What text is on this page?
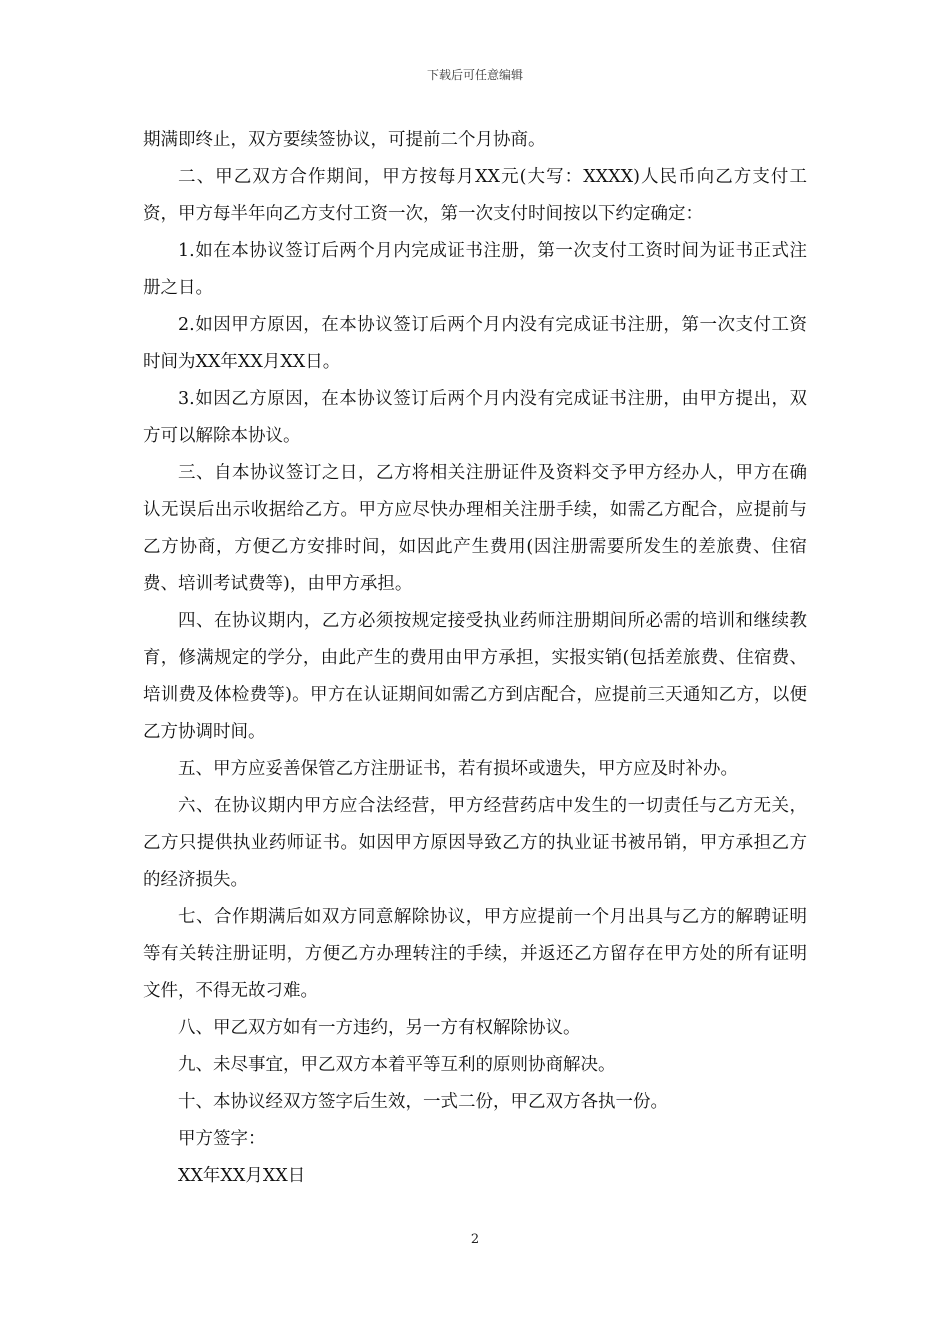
下载后可任意编辑

期满即终止，双方要续签协议，可提前二个月协商。

二、甲乙双方合作期间，甲方按每月XX元(大写：XXXX)人民币向乙方支付工资，甲方每半年向乙方支付工资一次，第一次支付时间按以下约定确定：

1.如在本协议签订后两个月内完成证书注册，第一次支付工资时间为证书正式注册之日。

2.如因甲方原因，在本协议签订后两个月内没有完成证书注册，第一次支付工资时间为XX年XX月XX日。

3.如因乙方原因，在本协议签订后两个月内没有完成证书注册，由甲方提出，双方可以解除本协议。

三、自本协议签订之日，乙方将相关注册证件及资料交予甲方经办人，甲方在确认无误后出示收据给乙方。甲方应尽快办理相关注册手续，如需乙方配合，应提前与乙方协商，方便乙方安排时间，如因此产生费用(因注册需要所发生的差旅费、住宿费、培训考试费等)，由甲方承担。

四、在协议期内，乙方必须按规定接受执业药师注册期间所必需的培训和继续教育，修满规定的学分，由此产生的费用由甲方承担，实报实销(包括差旅费、住宿费、培训费及体检费等)。甲方在认证期间如需乙方到店配合，应提前三天通知乙方，以便乙方协调时间。

五、甲方应妥善保管乙方注册证书，若有损坏或遗失，甲方应及时补办。

六、在协议期内甲方应合法经营，甲方经营药店中发生的一切责任与乙方无关，乙方只提供执业药师证书。如因甲方原因导致乙方的执业证书被吊销，甲方承担乙方的经济损失。

七、合作期满后如双方同意解除协议，甲方应提前一个月出具与乙方的解聘证明等有关转注册证明，方便乙方办理转注的手续，并返还乙方留存在甲方处的所有证明文件，不得无故刁难。

八、甲乙双方如有一方违约，另一方有权解除协议。

九、未尽事宜，甲乙双方本着平等互利的原则协商解决。

十、本协议经双方签字后生效，一式二份，甲乙双方各执一份。

甲方签字：

XX年XX月XX日

2
